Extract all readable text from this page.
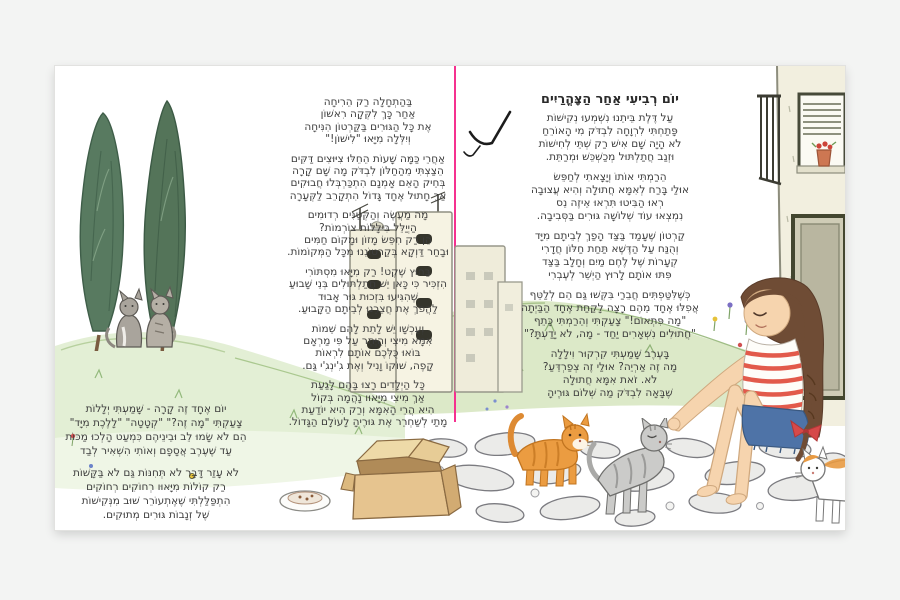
בַּהַתְחָלָה רַק הֵרִיחָה
אַחַר כָּךְ לִקְּקָה רִאשׁוֹן
אֶת כָּל הַגּוּרִים בַּקַּרְטוֹן הִנִּיחָה
וְיִלְּלָה מִיָּאוּ "לִישׁוֹן!"
אַחֲרֵי כַּמָּה שָׁעוֹת הֵחֵלּוּ צִיּוּצִים דַּקִּים
הֵצַצְתִּי מֵהַחַלּוֹן לִבְדֹּק מָה שָׁם קָרָה
בְּחֵיק הָאֵם אָמְנָם הִתְכַּרְבְּלוּ חֲבוּקִים
אַךְ חָתוּל אֶחָד גָּדוֹל הִתְקָרֵב לַקְּעָרָה
מָה מַעֲשֶׂה וְהַקְּטַנִּים רְדוּמִים
הַיְיַלֵּל בִּילָלוֹת צוֹרְמוֹת?
הֵן רַק חִפֵּשׂ מָזוֹן וּמָקוֹם חַמִּים
וּבָחַר דַּוְקָא בְּקַרְטוֹנֵנוּ מִכָּל הַמְּקוֹמוֹת.
בַּחוּץ שֶׁקֶט! רַק מִיָּאוּ מִסְתּוֹרִי
הִזְכִּיר כִּי כָּאן יֵשׁ חֲתַלְתּוּלִים בְּנֵי שָׁבוּעַ
שֶׁהִגִּיעוּ בִּזְכוּת גּוּר אָבוּד
לַהֲפֹךְ אֶת חֲצֵרֵנוּ לְבֵיתָם הַקָּבוּעַ.
וְעַכְשָׁו יֵשׁ לָתֵת לָהֶם שֵׁמוֹת
אִמָּא מִיצִי וְהַיֶּתֶר עַל פִּי מַרְאָם
בּוֹאוּ כֻּלְּכֶם אוֹתָם לִרְאוֹת
קָפֶה, שׁוֹקוֹ וָנִיל וְאֶת ג'ִינְג'ִי גַּם.
כָּל הַיְלָדִים רָצוּ בָּהֶם לָגַעַת
אַךְ מִיצִי מִיָּאוּו נָהֲמָה בְּקוֹל
הִיא הֲרֵי הָאִמָּא וְרַק הִיא יוֹדַעַת
מָתַי לְשַׁחְרֵר אֶת גּוּרֶיהָ לָעוֹלָם הַגָּדוֹל.
יוֹם אֶחָד זֶה קָרָה - שָׁמַעְתִּי יְלָלוֹת
צָעַקְתִּי "מָה זֶה?" "קְטָטָה" "לָלֶכֶת מִיָּד"
הֵם לֹא שָׂמוּ לֵב וּבֵינֵיהֶם כִּמְעַט הָלְכוּ מַכּוֹת
עַד שֶׁעֶרֶב אֲסָפָם וְאוֹתִי הִשְׁאִיר לְבַד
לֹא עָזַר דָּבָר לֹא תְּחִנּוֹת גַּם לֹא בַּקָּשׁוֹת
רַק קוֹלוֹת מִיָּאוּו רְחוֹקִים רְחוֹקִים
הִתְפַּלַּלְתִּי שֶׁאֶתְעוֹרֵר שׁוּב מִנְּקִישׁוֹת
שֶׁל זְנָבוֹת גּוּרִים מְתוּקִים.
יוֹם רְבִיעִי אַחַר הַצָּהֳרַיִים
עַל דֶּלֶת בֵּיתֵנוּ נִשְׁמְעוּ נְקִישׁוֹת
פָּתַחְתִּי לִרְוָחָה לִבְדֹּק מִי הָאוֹרֵחַ
לֹא הָיָה שָׁם אִישׁ רַק שְׁתֵּי לְחִישׁוֹת
וּזְנַב חֲתַלְתּוּל מְכַשְׁכֵּשׁ וּמְרַתֵּת.
הֵרַמְתִּי אוֹתוֹ וְיָצָאתִי לְחַפֵּשׂ
אוּלַי בָּרַח לְאִמָּא חֲתוּלָה וְהִיא עֲצוּבָה
רְאוּ הַבִּיטוּ תִּרְאוּ אֵיזֶה נֵס
נִמְצְאוּ עוֹד שְׁלוֹשָׁה גּוּרִים בַּסְּבִיבָה.
קַרְטוֹן שֶׁעָמַד בַּצַּד הָפַךְ לְבֵיתָם מִיָּד
וְהֻנַּח עַל הַדֶּשֶׁא תַּחַת חַלּוֹן חֲדָרִי
קְעָרוֹת שֶׁל לֶחֶם מַיִם וְחָלָב בַּצַּד
פִּתּוּ אוֹתָם לָרוּץ הַיְשֵׁר לְעֶבְרִי
כְּשֶׁלִּטַּפְתִּים חֲבֵרַי בִּקְּשׁוּ גַּם הֵם לְלַטֵּף
אֲפִלּוּ אֶחָד מֵהֶם רָצָה לָקַחַת אֶחָד הַבַּיְתָה
"מָה פִּתְאוֹם!" צָעַקְתִּי וְהֵרַמְתִּי כָּתֵף
"חֲתוּלִים נִשְׁאָרִים יַחַד - מָה, לֹא יָדַעְתָּ?"
בָּעֶרֶב שָׁמַעְתִּי קִרְקוּר וִילָלָה
מָה זֶה אַרְיֵה? אוּלַי זֶה צְפַרְדֵּעַ?
לֹא. זֹאת אִמָּא חֲתוּלָה
שֶׁבָּאָה לִבְדֹּק מַה שְּׁלוֹם גּוּרֶיהָ
